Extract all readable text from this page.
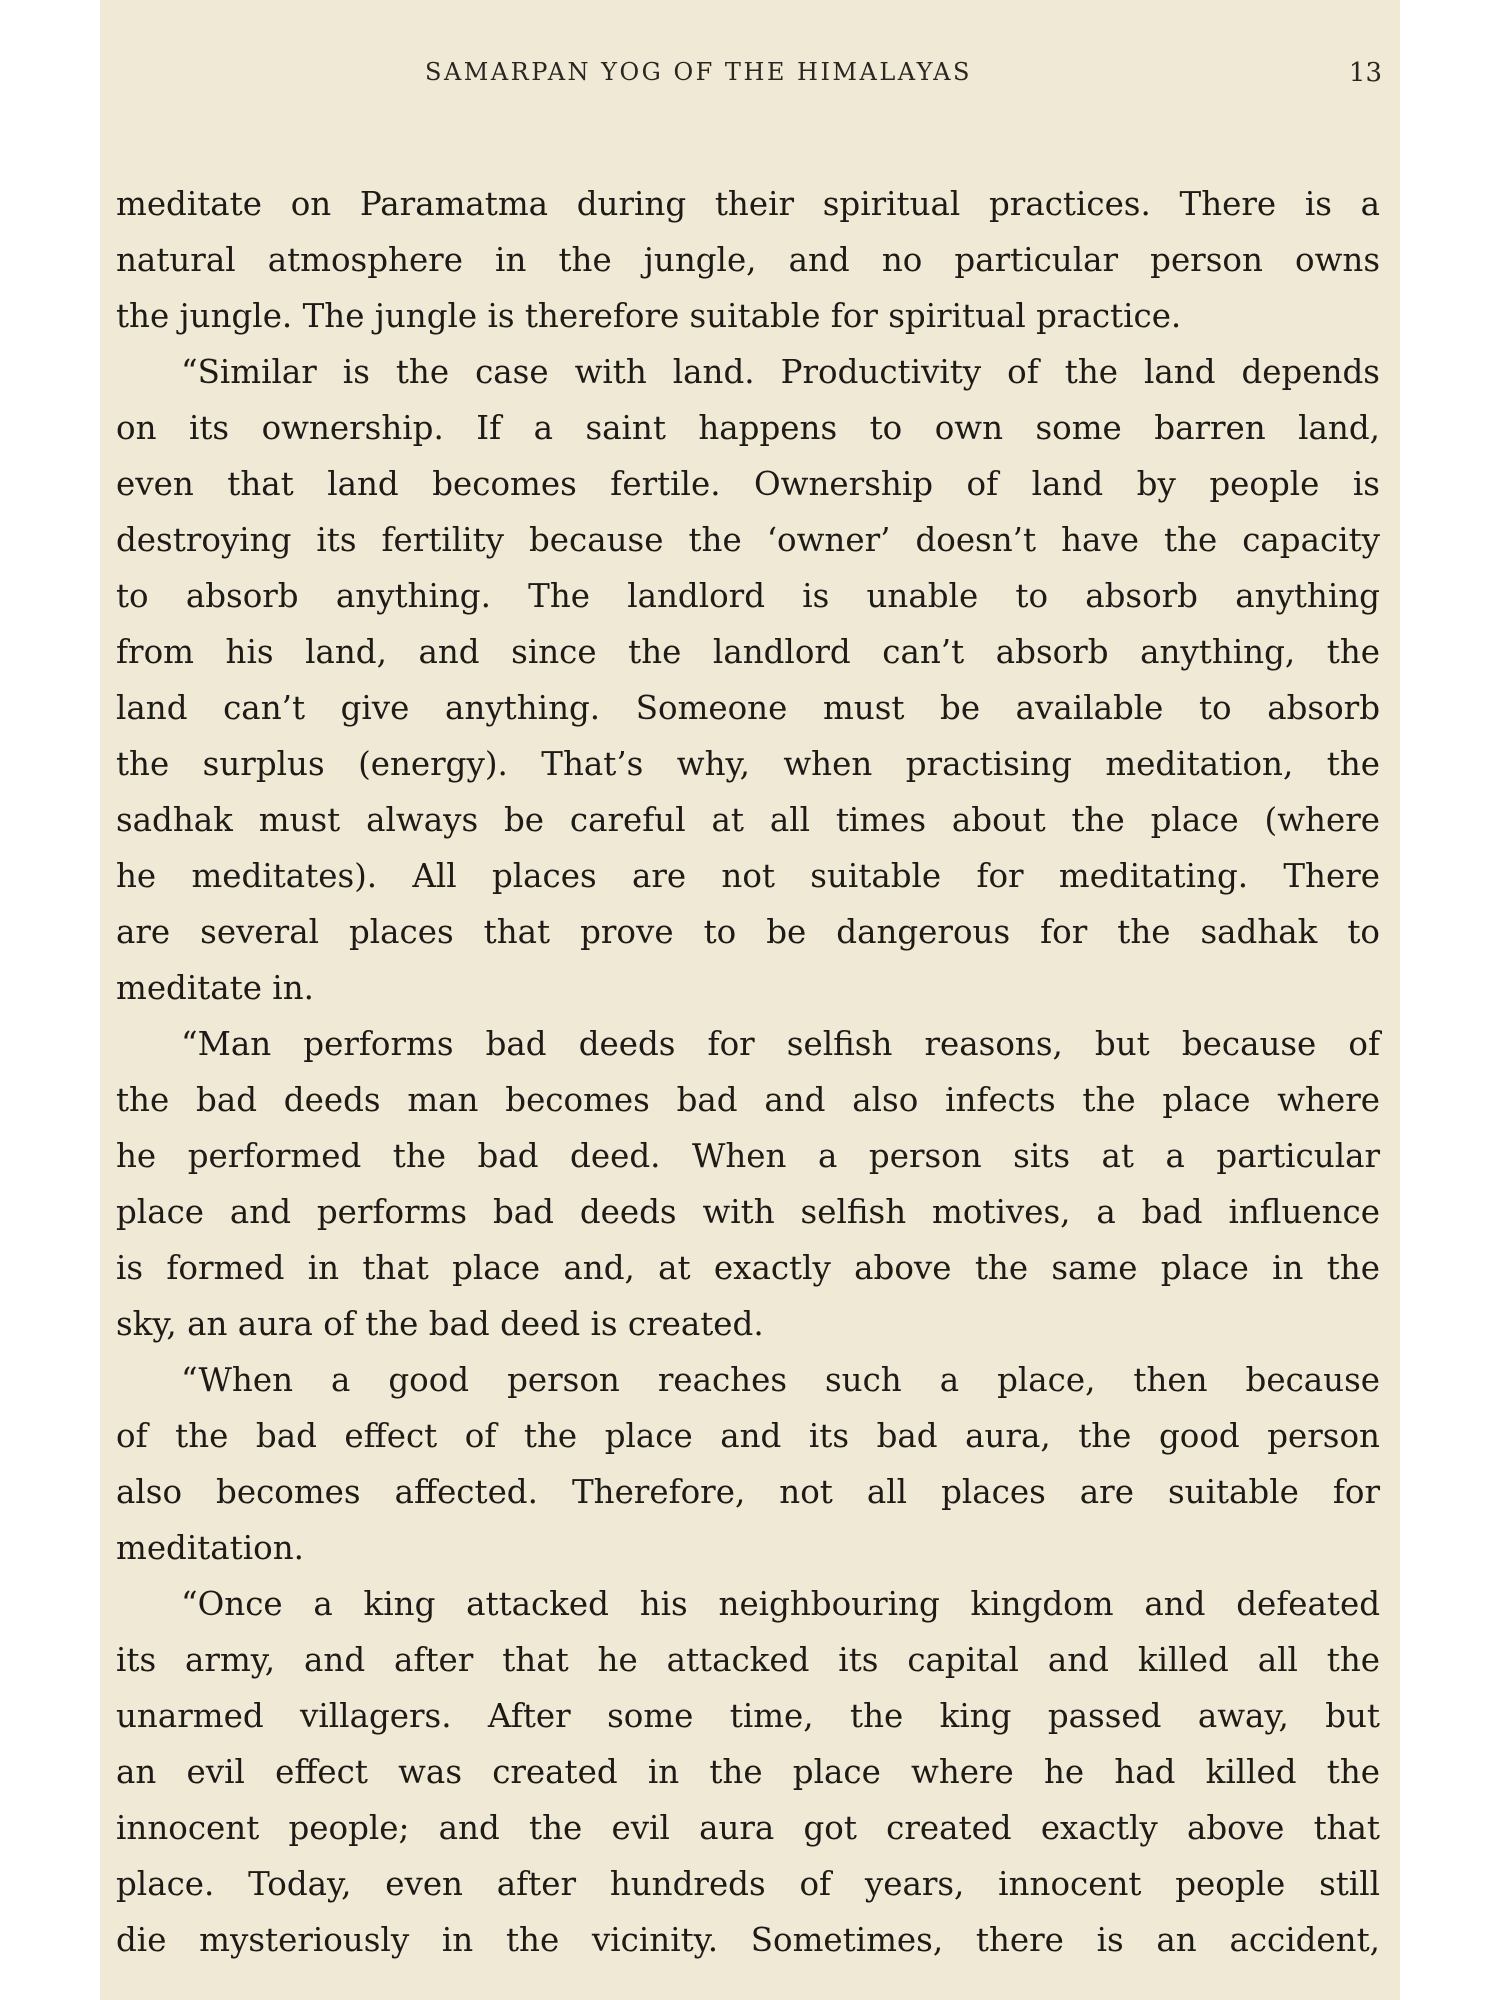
SAMARPAN YOG OF THE HIMALAYAS	13
meditate on Paramatma during their spiritual practices. There is a
natural atmosphere in the jungle, and no particular person owns
the jungle. The jungle is therefore suitable for spiritual practice.
“Similar is the case with land. Productivity of the land depends
on its ownership. If a saint happens to own some barren land,
even that land becomes fertile. Ownership of land by people is
destroying its fertility because the ‘owner’ doesn’t have the capacity
to absorb anything. The landlord is unable to absorb anything
from his land, and since the landlord can’t absorb anything, the
land can’t give anything. Someone must be available to absorb
the surplus (energy). That’s why, when practising meditation, the
sadhak must always be careful at all times about the place (where
he meditates). All places are not suitable for meditating. There
are several places that prove to be dangerous for the sadhak to
meditate in.
“Man performs bad deeds for selfish reasons, but because of
the bad deeds man becomes bad and also infects the place where
he performed the bad deed. When a person sits at a particular
place and performs bad deeds with selfish motives, a bad influence
is formed in that place and, at exactly above the same place in the
sky, an aura of the bad deed is created.
“When a good person reaches such a place, then because
of the bad effect of the place and its bad aura, the good person
also becomes affected. Therefore, not all places are suitable for
meditation.
“Once a king attacked his neighbouring kingdom and defeated
its army, and after that he attacked its capital and killed all the
unarmed villagers. After some time, the king passed away, but
an evil effect was created in the place where he had killed the
innocent people; and the evil aura got created exactly above that
place. Today, even after hundreds of years, innocent people still
die mysteriously in the vicinity. Sometimes, there is an accident,
